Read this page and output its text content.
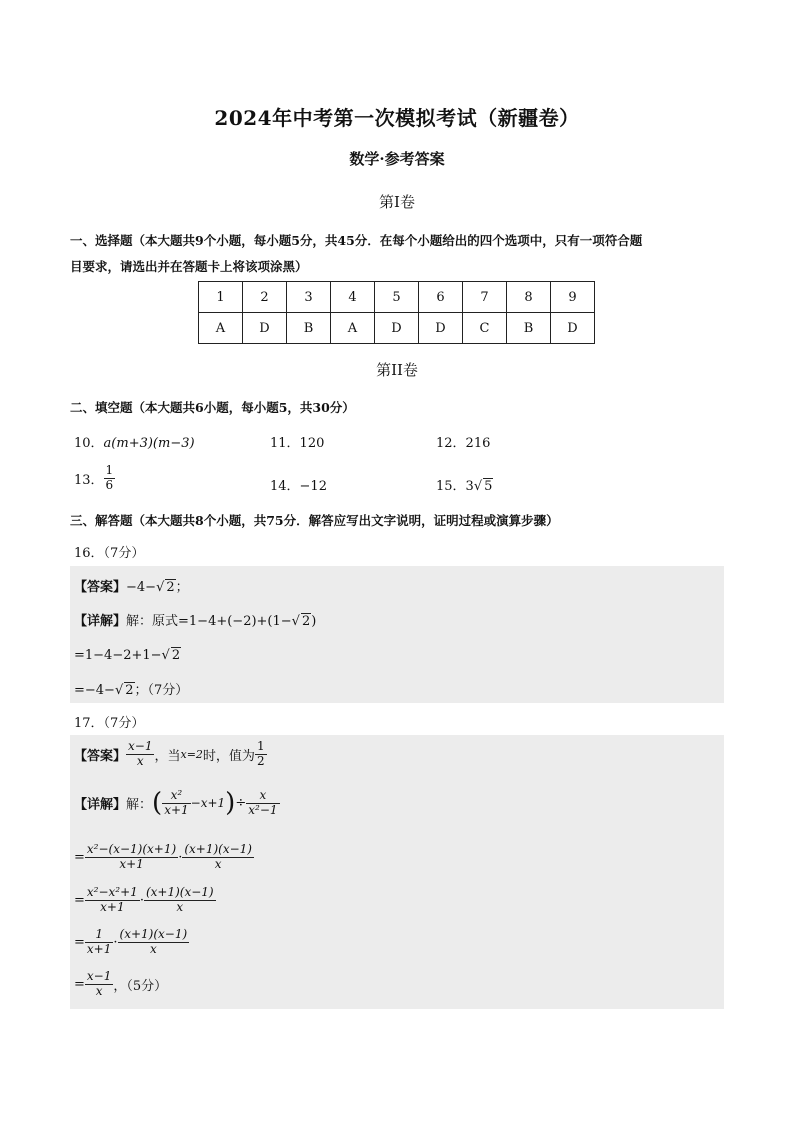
2024年中考第一次模拟考试（新疆卷）
数学·参考答案
第Ⅰ卷
一、选择题（本大题共9个小题，每小题5分，共45分．在每个小题给出的四个选项中，只有一项符合题
目要求，请选出并在答题卡上将该项涂黑）
1	2	3	4	5	6	7	8	9
A	D	B	A	D	D	C	B	D
第II卷
二、填空题（本大题共6小题，每小题5，共30分）
10．a(m+3)(m−3)	11．120	12．216
13． $\frac{1}{6}$	14．−12	15．3√ 5
三、解答题（本大题共8个小题，共75分．解答应写出文字说明，证明过程或演算步骤）
16．（7分）
【答案】−4−√ 2；
【详解】解：原式=1−4+(−2)+(1−√ 2)
=1−4−2+1−√ 2
=−4−√ 2；（7分）
17．（7分）
【答案】 $\frac{x-1}{x}$ ，当x=2时，值为 $\frac{1}{2}$
【详解】解：( $\frac{\text{x²}}{x+1} -x+1)\div \frac{x}{\text{x²−1}}$
= $\frac{\text{x²−(x−1)(x+1)}}{x+1} \cdot \frac{(x+1)(x-1)}{x}$
= $\frac{\text{x²−x²+1}}{x+1} \cdot \frac{(x+1)(x-1)}{x}$
= $\frac{1}{x+1} \cdot \frac{(x+1)(x-1)}{x}$
= $\frac{x-1}{x}$ ，（5分）
